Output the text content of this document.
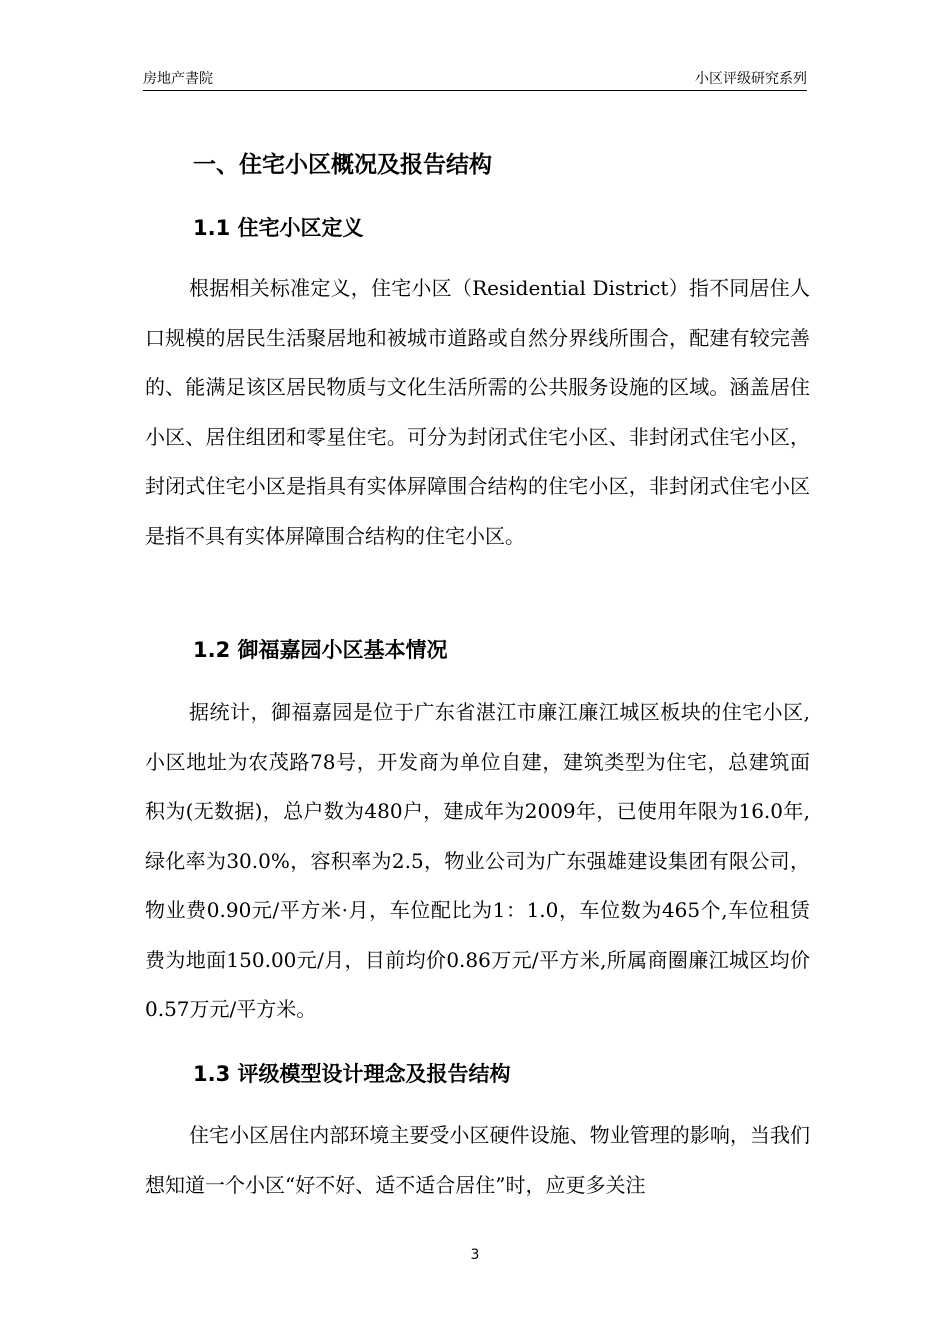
房地产書院	小区评级研究系列
一、住宅小区概况及报告结构
1.1 住宅小区定义

根据相关标准定义，住宅小区（Residential District）指不同居住人口规模的居民生活聚居地和被城市道路或自然分界线所围合，配建有较完善的、能满足该区居民物质与文化生活所需的公共服务设施的区域。涵盖居住小区、居住组团和零星住宅。可分为封闭式住宅小区、非封闭式住宅小区，封闭式住宅小区是指具有实体屏障围合结构的住宅小区，非封闭式住宅小区是指不具有实体屏障围合结构的住宅小区。

1.2 御福嘉园小区基本情况

据统计，御福嘉园是位于广东省湛江市廉江廉江城区板块的住宅小区,小区地址为农茂路78号，开发商为单位自建，建筑类型为住宅，总建筑面积为(无数据)，总户数为480户，建成年为2009年，已使用年限为16.0年,绿化率为30.0%，容积率为2.5，物业公司为广东强雄建设集团有限公司，物业费0.90元/平方米·月，车位配比为1：1.0，车位数为465个,车位租赁费为地面150.00元/月，目前均价0.86万元/平方米,所属商圈廉江城区均价0.57万元/平方米。

1.3 评级模型设计理念及报告结构

住宅小区居住内部环境主要受小区硬件设施、物业管理的影响，当我们想知道一个小区“好不好、适不适合居住”时，应更多关注

3
